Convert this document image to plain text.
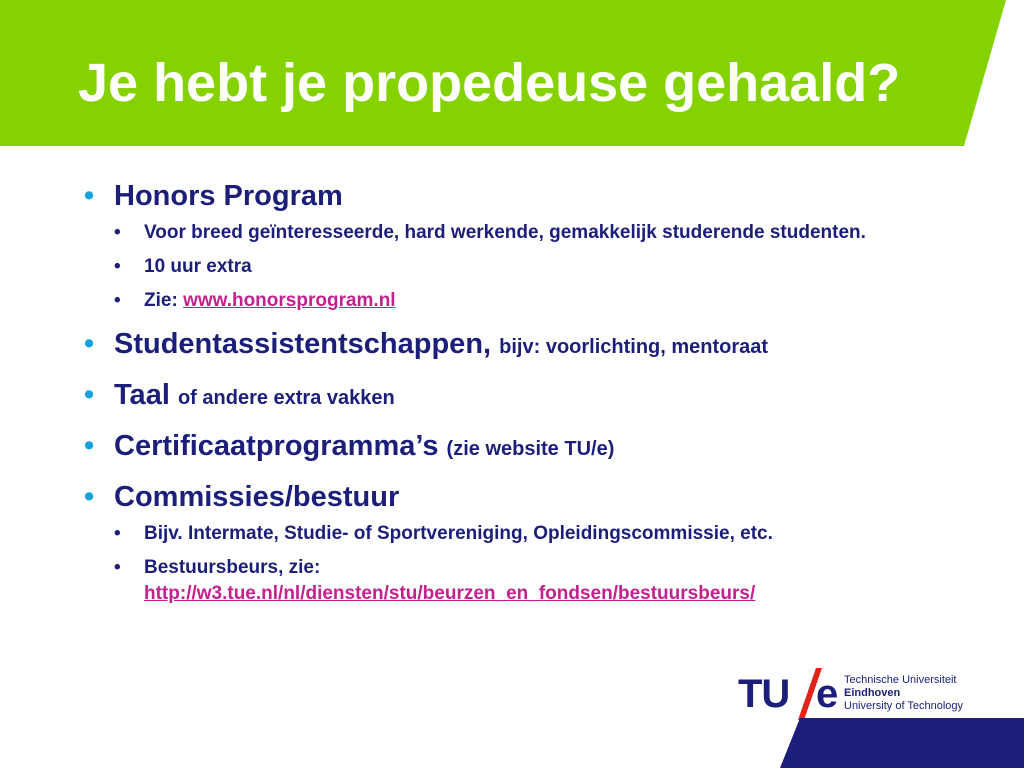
Je hebt je propedeuse gehaald?
• Honors Program
• Voor breed geïnteresseerde, hard werkende, gemakkelijk studerende studenten.
• 10 uur extra
• Zie: www.honorsprogram.nl
• Studentassistentschappen, bijv: voorlichting, mentoraat
• Taal of andere extra vakken
• Certificaatprogramma’s (zie website TU/e)
• Commissies/bestuur
• Bijv. Intermate, Studie- of Sportvereniging, Opleidingscommissie, etc.
• Bestuursbeurs, zie:
http://w3.tue.nl/nl/diensten/stu/beurzen_en_fondsen/bestuursbeurs/
TU e Technische Universiteit
Eindhoven
University of Technology
